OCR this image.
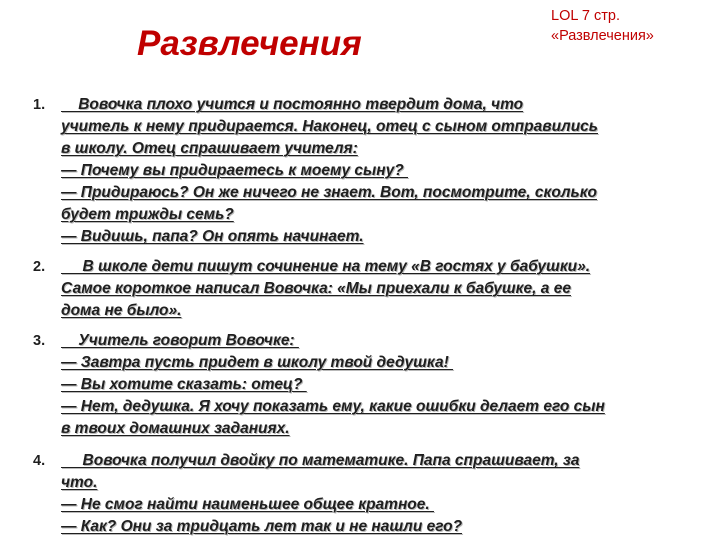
Развлечения
LOL 7 стр.
«Развлечения»
1. Вовочка плохо учится и постоянно твердит дома, что
учитель к нему придирается. Наконец, отец с сыном отправились
в школу. Отец спрашивает учителя:
— Почему вы придираетесь к моему сыну?
— Придираюсь? Он же ничего не знает. Вот, посмотрите, сколько
будет трижды семь?
— Видишь, папа? Он опять начинает.
2. В школе дети пишут сочинение на тему «В гостях у бабушки».
Самое короткое написал Вовочка: «Мы приехали к бабушке, а ее
дома не было».
3. Учитель говорит Вовочке:
— Завтра пусть придет в школу твой дедушка!
— Вы хотите сказать: отец?
— Нет, дедушка. Я хочу показать ему, какие ошибки делает его сын
в твоих домашних заданиях.
4. Вовочка получил двойку по математике. Папа спрашивает, за
что.
— Не смог найти наименьшее общее кратное.
— Как? Они за тридцать лет так и не нашли его?
